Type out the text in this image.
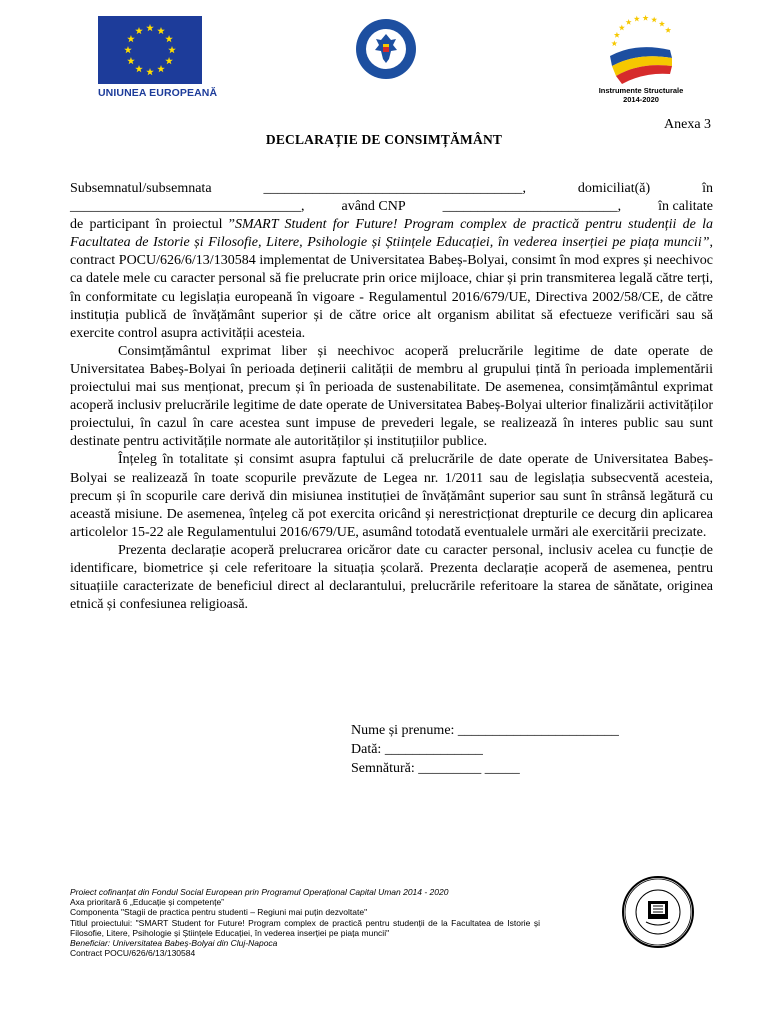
UNIUNEA EUROPEANĂ	Instrumente Structurale
2014-2020
Anexa 3
DECLARAȚIE DE CONSIMȚĂMÂNT
Subsemnatul/subsemnata	_____________________________________,	domiciliat(ă)	în
_________________________________,	având CNP	_________________________,	în calitate

de participant în proiectul ”SMART Student for Future! Program complex de practică pentru studenții de la Facultatea de Istorie și Filosofie, Litere, Psihologie și Științele Educației, în vederea inserției pe piața muncii”, contract POCU/626/6/13/130584 implementat de Universitatea Babeș-Bolyai, consimt în mod expres și neechivoc ca datele mele cu caracter personal să fie prelucrate prin orice mijloace, chiar și prin transmiterea legală către terți, în conformitate cu legislația europeană în vigoare - Regulamentul 2016/679/UE, Directiva 2002/58/CE, de către instituția publică de învățământ superior și de către orice alt organism abilitat să efectueze verificări sau să exercite control asupra activității acesteia.

Consimțământul exprimat liber și neechivoc acoperă prelucrările legitime de date operate de Universitatea Babeș-Bolyai în perioada deținerii calității de membru al grupului țintă în perioada implementării proiectului mai sus menționat, precum și în perioada de sustenabilitate. De asemenea, consimțământul exprimat acoperă inclusiv prelucrările legitime de date operate de Universitatea Babeș-Bolyai ulterior finalizării activităților proiectului, în cazul în care acestea sunt impuse de prevederi legale, se realizează în interes public sau sunt destinate pentru activitățile normate ale autorităților și instituțiilor publice.

Înțeleg în totalitate și consimt asupra faptului că prelucrările de date operate de Universitatea Babeș-Bolyai se realizează în toate scopurile prevăzute de Legea nr. 1/2011 sau de legislația subsecventă acesteia, precum și în scopurile care derivă din misiunea instituției de învățământ superior sau sunt în strânsă legătură cu această misiune. De asemenea, înțeleg că pot exercita oricând și nerestricționat drepturile ce decurg din aplicarea articolelor 15-22 ale Regulamentului 2016/679/UE, asumând totodată eventualele urmări ale exercitării precizate.

Prezenta declarație acoperă prelucrarea oricăror date cu caracter personal, inclusiv acelea cu funcție de identificare, biometrice și cele referitoare la situația școlară. Prezenta declarație acoperă de asemenea, pentru situațiile caracterizate de beneficiul direct al declarantului, prelucrările referitoare la starea de sănătate, originea etnică și confesiunea religioasă.

Nume și prenume: _______________________
Dată: ______________
Semnătură: _________ _____
Proiect cofinanțat din Fondul Social European prin Programul Operațional Capital Uman 2014 - 2020
Axa prioritară 6 „Educație și competențe”
Componenta "Stagii de practica pentru studenti – Regiuni mai puțin dezvoltate"
Titlul proiectului: "SMART Student for Future! Program complex de practică pentru studenții de la Facultatea de Istorie și Filosofie, Litere, Psihologie și Științele Educației, în vederea inserției pe piața muncii"
Beneficiar: Universitatea Babeș-Bolyai din Cluj-Napoca
Contract POCU/626/6/13/130584
